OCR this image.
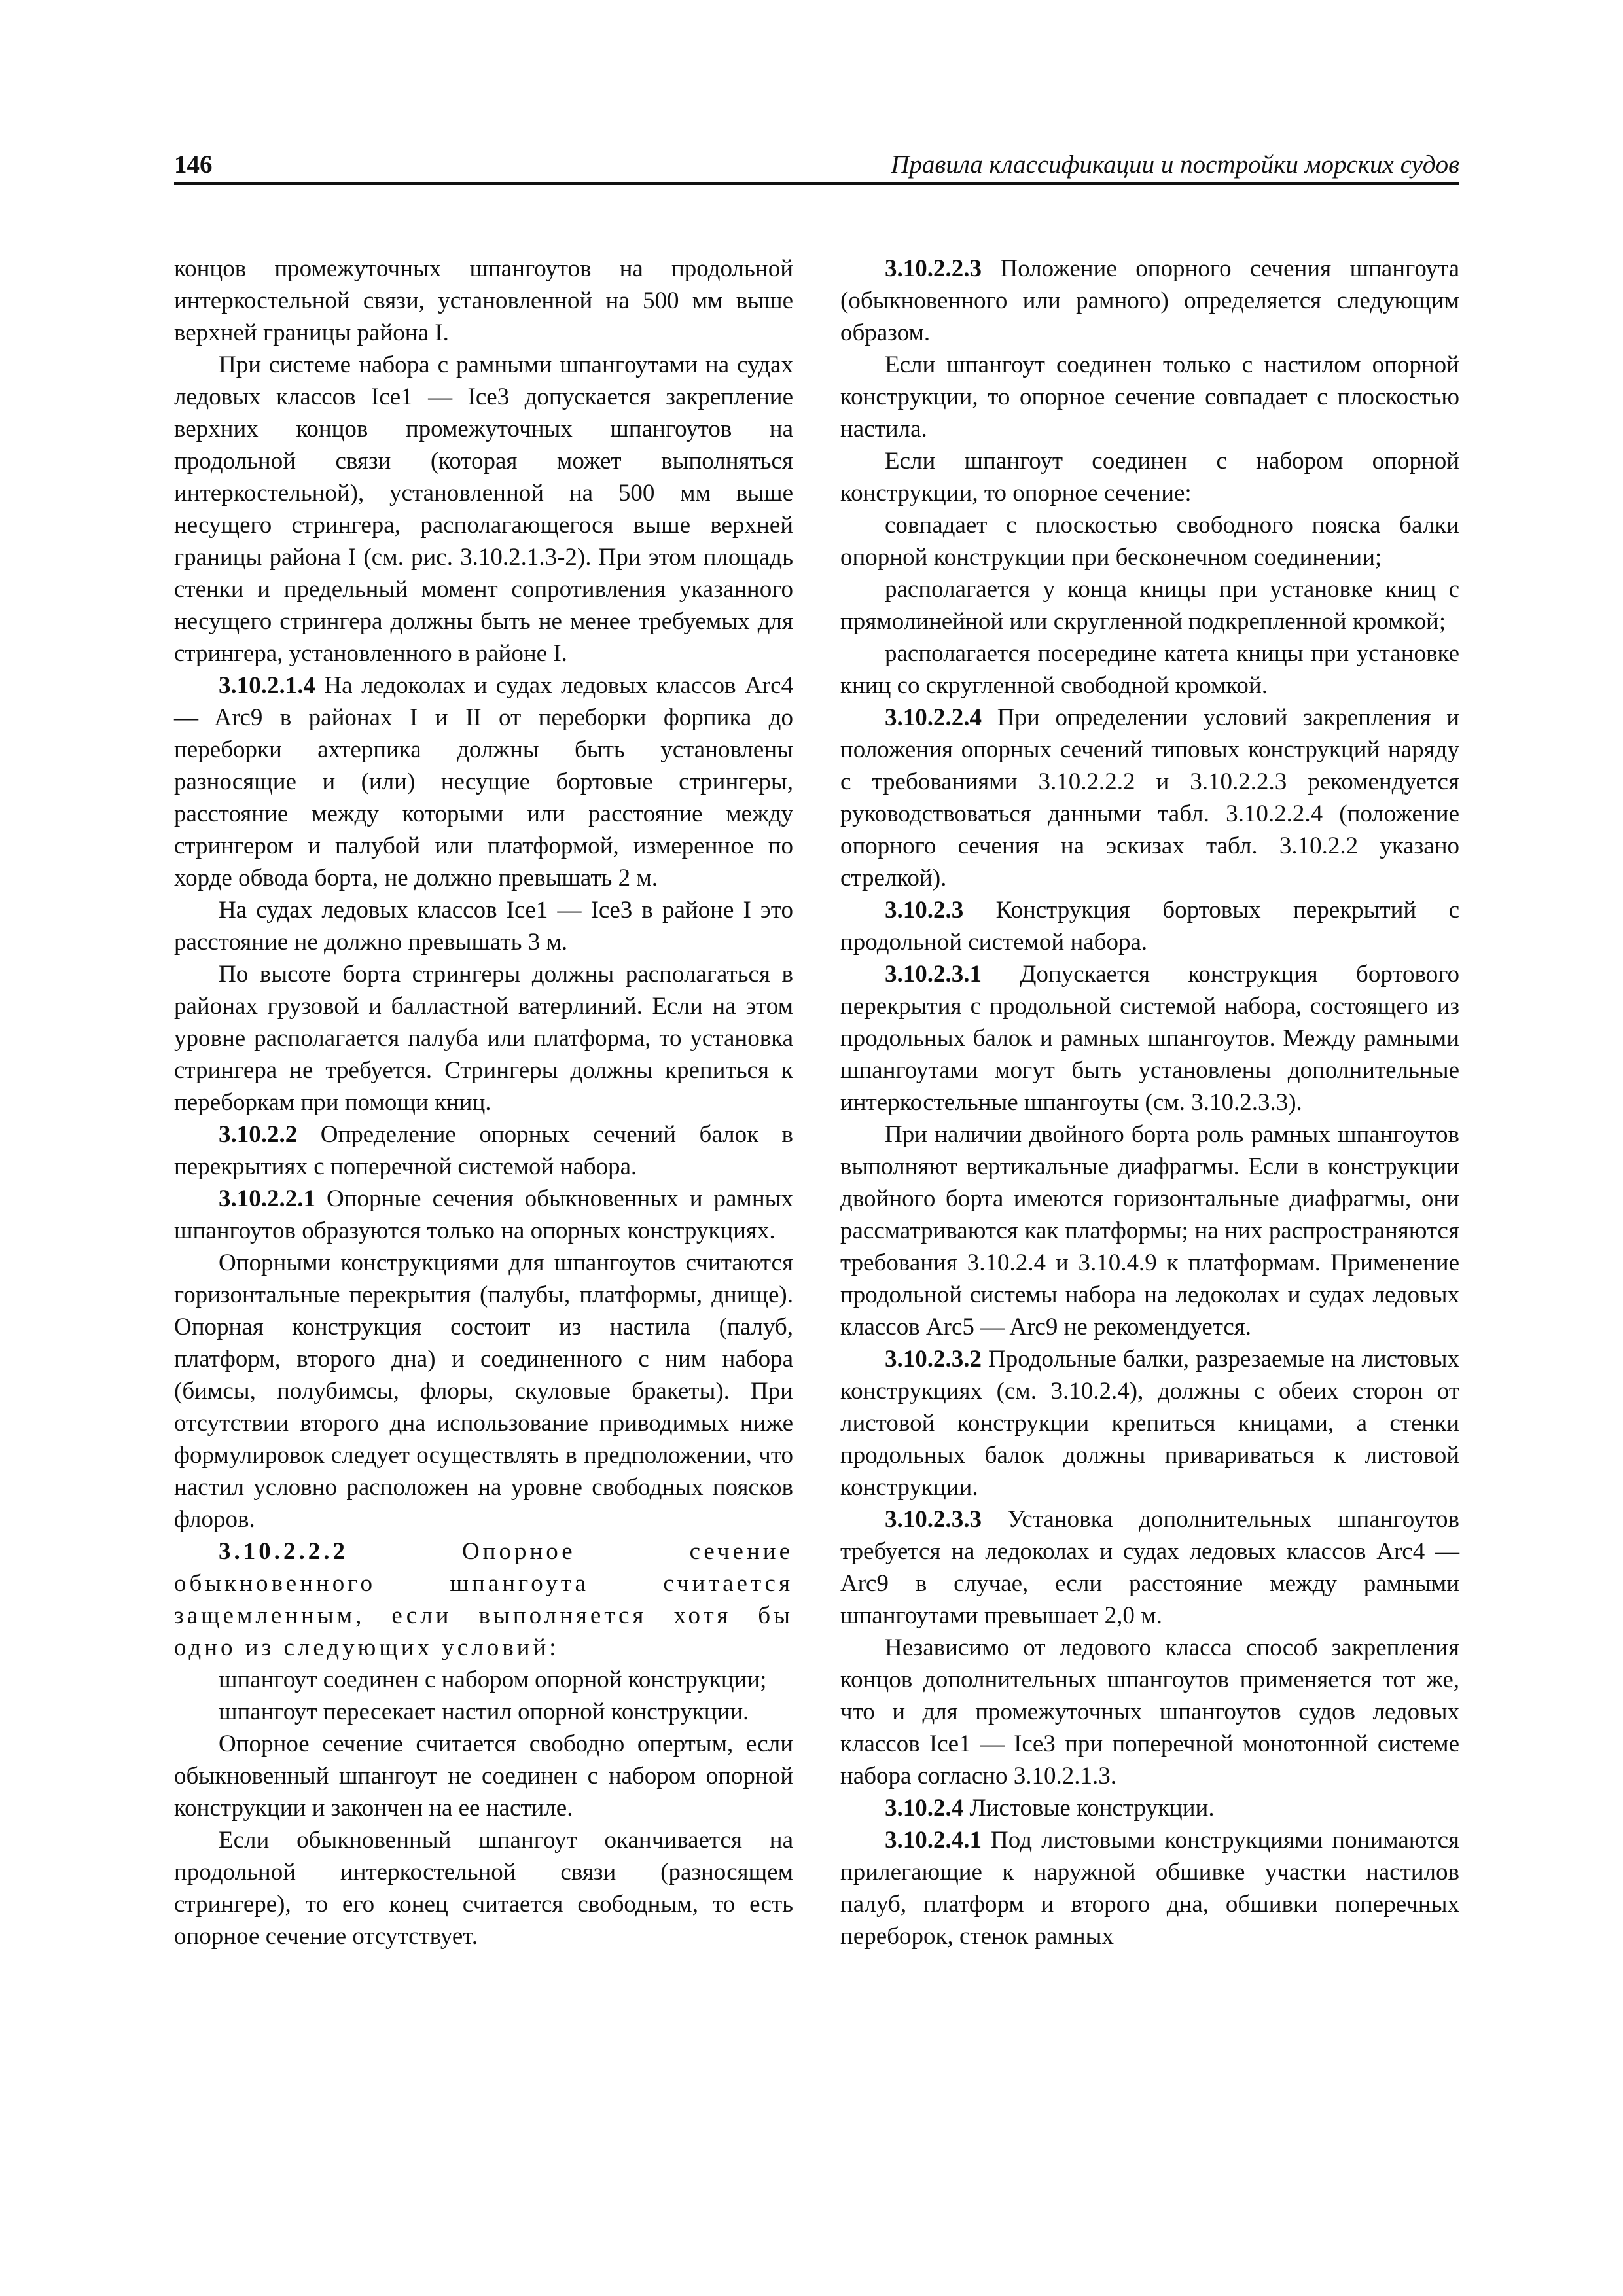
146	Правила классификации и постройки морских судов

концов промежуточных шпангоутов на продольной интеркостельной связи, установленной на 500 мм выше верхней границы района I.

При системе набора с рамными шпангоутами на судах ледовых классов Ice1 — Ice3 допускается закрепление верхних концов промежуточных шпангоутов на продольной связи (которая может выполняться интеркостельной), установленной на 500 мм выше несущего стрингера, располагающегося выше верхней границы района I (см. рис. 3.10.2.1.3-2). При этом площадь стенки и предельный момент сопротивления указанного несущего стрингера должны быть не менее требуемых для стрингера, установленного в районе I.

3.10.2.1.4 На ледоколах и судах ледовых классов Arc4 — Arc9 в районах I и II от переборки форпика до переборки ахтерпика должны быть установлены разносящие и (или) несущие бортовые стрингеры, расстояние между которыми или расстояние между стрингером и палубой или платформой, измеренное по хорде обвода борта, не должно превышать 2 м.

На судах ледовых классов Ice1 — Ice3 в районе I это расстояние не должно превышать 3 м.

По высоте борта стрингеры должны располагаться в районах грузовой и балластной ватерлиний. Если на этом уровне располагается палуба или платформа, то установка стрингера не требуется. Стрингеры должны крепиться к переборкам при помощи книц.

3.10.2.2 Определение опорных сечений балок в перекрытиях с поперечной системой набора.

3.10.2.2.1 Опорные сечения обыкновенных и рамных шпангоутов образуются только на опорных конструкциях.

Опорными конструкциями для шпангоутов считаются горизонтальные перекрытия (палубы, платформы, днище). Опорная конструкция состоит из настила (палуб, платформ, второго дна) и соединенного с ним набора (бимсы, полубимсы, флоры, скуловые бракеты). При отсутствии второго дна использование приводимых ниже формулировок следует осуществлять в предположении, что настил условно расположен на уровне свободных поясков флоров.

3.10.2.2.2	Опорное сечение обыкновенного шпангоута считается защемленным, если выполняется хотя бы одно из следующих условий:

шпангоут соединен с набором опорной конструкции;

шпангоут пересекает настил опорной конструкции.

Опорное сечение считается свободно опертым, если обыкновенный шпангоут не соединен с набором опорной конструкции и закончен на ее настиле.

Если обыкновенный шпангоут оканчивается на продольной интеркостельной связи (разносящем стрингере), то его конец считается свободным, то есть опорное сечение отсутствует.

3.10.2.2.3 Положение опорного сечения шпангоута (обыкновенного или рамного) определяется следующим образом.

Если шпангоут соединен только с настилом опорной конструкции, то опорное сечение совпадает с плоскостью настила.

Если шпангоут соединен с набором опорной конструкции, то опорное сечение:

совпадает с плоскостью свободного пояска балки опорной конструкции при бесконечном соединении;

располагается у конца кницы при установке книц с прямолинейной или скругленной подкрепленной кромкой;

располагается посередине катета кницы при установке книц со скругленной свободной кромкой.

3.10.2.2.4 При определении условий закрепления и положения опорных сечений типовых конструкций наряду с требованиями 3.10.2.2.2 и 3.10.2.2.3 рекомендуется руководствоваться данными табл. 3.10.2.2.4 (положение опорного сечения на эскизах табл. 3.10.2.2 указано стрелкой).

3.10.2.3 Конструкция бортовых перекрытий с продольной системой набора.

3.10.2.3.1 Допускается конструкция бортового перекрытия с продольной системой набора, состоящего из продольных балок и рамных шпангоутов. Между рамными шпангоутами могут быть установлены дополнительные интеркостельные шпангоуты (см. 3.10.2.3.3).

При наличии двойного борта роль рамных шпангоутов выполняют вертикальные диафрагмы. Если в конструкции двойного борта имеются горизонтальные диафрагмы, они рассматриваются как платформы; на них распространяются требования 3.10.2.4 и 3.10.4.9 к платформам. Применение продольной системы набора на ледоколах и судах ледовых классов Arc5 — Arc9 не рекомендуется.

3.10.2.3.2 Продольные балки, разрезаемые на листовых конструкциях (см. 3.10.2.4), должны с обеих сторон от листовой конструкции крепиться кницами, а стенки продольных балок должны привариваться к листовой конструкции.

3.10.2.3.3 Установка дополнительных шпангоутов требуется на ледоколах и судах ледовых классов Arc4 — Arc9 в случае, если расстояние между рамными шпангоутами превышает 2,0 м.

Независимо от ледового класса способ закрепления концов дополнительных шпангоутов применяется тот же, что и для промежуточных шпангоутов судов ледовых классов Ice1 — Ice3 при поперечной монотонной системе набора согласно 3.10.2.1.3.

3.10.2.4 Листовые конструкции.

3.10.2.4.1 Под листовыми конструкциями понимаются прилегающие к наружной обшивке участки настилов палуб, платформ и второго дна, обшивки поперечных переборок, стенок рамных
